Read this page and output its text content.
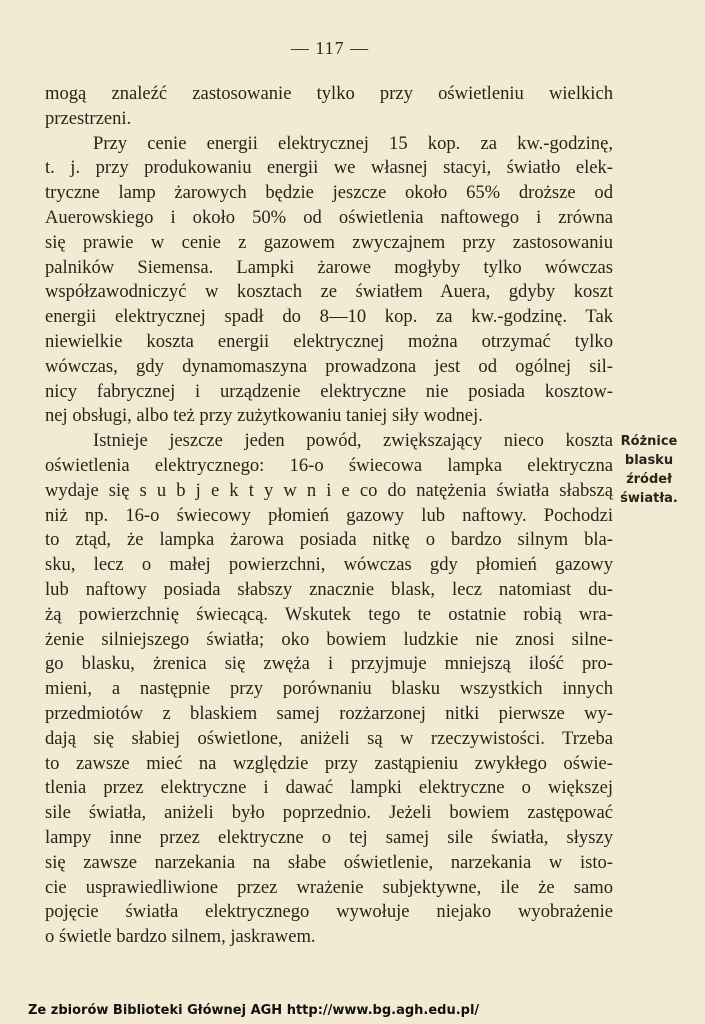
— 117 —
mogą znaleźć zastosowanie tylko przy oświetleniu wielkich
przestrzeni.
Przy cenie energii elektrycznej 15 kop. za kw.-godzinę,
t. j. przy produkowaniu energii we własnej stacyi, światło elek-
tryczne lamp żarowych będzie jeszcze około 65% droższe od
Auerowskiego i około 50% od oświetlenia naftowego i zrówna
się prawie w cenie z gazowem zwyczajnem przy zastosowaniu
palników Siemensa. Lampki żarowe mogłyby tylko wówczas
współzawodniczyć w kosztach ze światłem Auera, gdyby koszt
energii elektrycznej spadł do 8—10 kop. za kw.-godzinę. Tak
niewielkie koszta energii elektrycznej można otrzymać tylko
wówczas, gdy dynamomaszyna prowadzona jest od ogólnej sil-
nicy fabrycznej i urządzenie elektryczne nie posiada kosztow-
nej obsługi, albo też przy zużytkowaniu taniej siły wodnej.
Istnieje jeszcze jeden powód, zwiększający nieco koszta
oświetlenia elektrycznego: 16-o świecowa lampka elektryczna
wydaje się s u b j e k t y w n i e co do natężenia światła słabszą
niż np. 16-o świecowy płomień gazowy lub naftowy. Pochodzi
to ztąd, że lampka żarowa posiada nitkę o bardzo silnym bla-
sku, lecz o małej powierzchni, wówczas gdy płomień gazowy
lub naftowy posiada słabszy znacznie blask, lecz natomiast du-
żą powierzchnię świecącą. Wskutek tego te ostatnie robią wra-
żenie silniejszego światła; oko bowiem ludzkie nie znosi silne-
go blasku, żrenica się zwęża i przyjmuje mniejszą ilość pro-
mieni, a następnie przy porównaniu blasku wszystkich innych
przedmiotów z blaskiem samej rozżarzonej nitki pierwsze wy-
dają się słabiej oświetlone, aniżeli są w rzeczywistości. Trzeba
to zawsze mieć na względzie przy zastąpieniu zwykłego oświe-
tlenia przez elektryczne i dawać lampki elektryczne o większej
sile światła, aniżeli było poprzednio. Jeżeli bowiem zastępować
lampy inne przez elektryczne o tej samej sile światła, słyszy
się zawsze narzekania na słabe oświetlenie, narzekania w isto-
cie usprawiedliwione przez wrażenie subjektywne, ile że samo
pojęcie światła elektrycznego wywołuje niejako wyobrażenie
o świetle bardzo silnem, jaskrawem.
Różnice
blasku
źródeł
światła.
Ze zbiorów Biblioteki Głównej AGH http://www.bg.agh.edu.pl/
